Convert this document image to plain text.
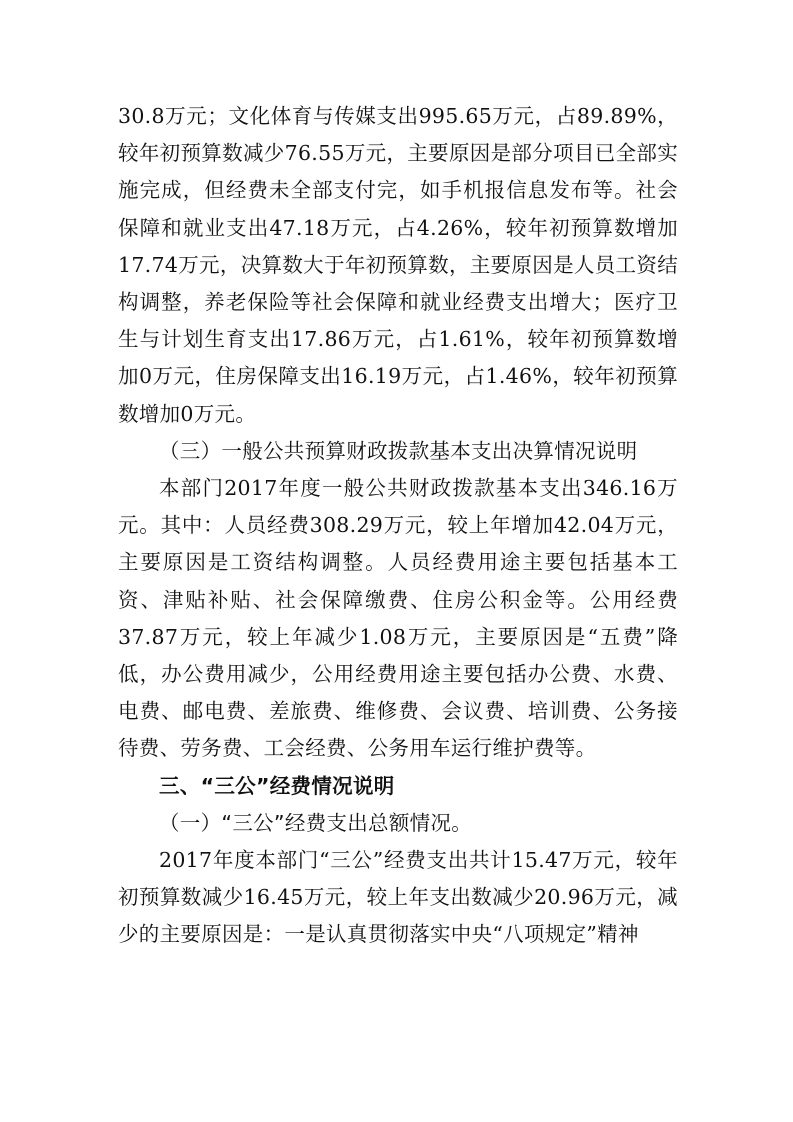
30.8万元；文化体育与传媒支出995.65万元，占89.89%，较年初预算数减少76.55万元，主要原因是部分项目已全部实施完成，但经费未全部支付完，如手机报信息发布等。社会保障和就业支出47.18万元，占4.26%，较年初预算数增加17.74万元，决算数大于年初预算数，主要原因是人员工资结构调整，养老保险等社会保障和就业经费支出增大；医疗卫生与计划生育支出17.86万元，占1.61%，较年初预算数增加0万元，住房保障支出16.19万元，占1.46%，较年初预算数增加0万元。

（三）一般公共预算财政拨款基本支出决算情况说明

本部门2017年度一般公共财政拨款基本支出346.16万元。其中：人员经费308.29万元，较上年增加42.04万元，主要原因是工资结构调整。人员经费用途主要包括基本工资、津贴补贴、社会保障缴费、住房公积金等。公用经费37.87万元，较上年减少1.08万元，主要原因是“五费”降低，办公费用减少，公用经费用途主要包括办公费、水费、电费、邮电费、差旅费、维修费、会议费、培训费、公务接待费、劳务费、工会经费、公务用车运行维护费等。

三、“三公”经费情况说明

（一）“三公”经费支出总额情况。

2017年度本部门“三公”经费支出共计15.47万元，较年初预算数减少16.45万元，较上年支出数减少20.96万元，减少的主要原因是：一是认真贯彻落实中央“八项规定”精神
